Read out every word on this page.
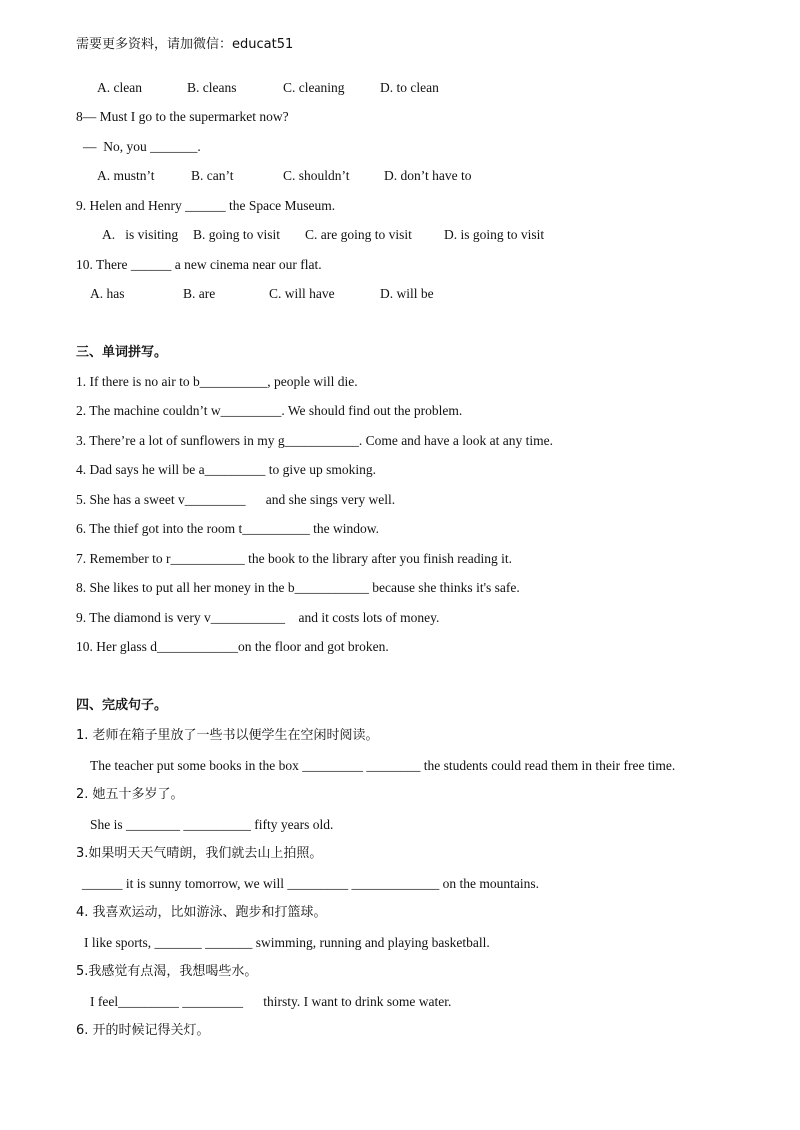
需要更多资料，请加微信：educat51
A. clean	B. cleans	C. cleaning	D. to clean
8— Must I go to the supermarket now?
—  No, you _______.
A. mustn’t	B. can’t	C. shouldn’t	D. don’t have to
9. Helen and Henry ______ the Space Museum.
A.   is visiting B. going to visit C. are going to visit D. is going to visit
10. There ______ a new cinema near our flat.
A. has	B. are	C. will have	D. will be
三、单词拼写。
1. If there is no air to b__________, people will die.
2. The machine couldn’t w_________. We should find out the problem.
3. There’re a lot of sunflowers in my g___________. Come and have a look at any time.
4. Dad says he will be a_________ to give up smoking.
5. She has a sweet v_________      and she sings very well.
6. The thief got into the room t__________ the window.
7. Remember to r___________ the book to the library after you finish reading it.
8. She likes to put all her money in the b___________ because she thinks it's safe.
9. The diamond is very v___________    and it costs lots of money.
10. Her glass d____________on the floor and got broken.
四、完成句子。
1. 老师在箱子里放了一些书以便学生在空闲时阅读。
The teacher put some books in the box _________ ________ the students could read them in their free time.
2. 她五十多岁了。
She is ________ __________ fifty years old.
3.如果明天天气晴朗，我们就去山上拍照。
______ it is sunny tomorrow, we will _________ _____________ on the mountains.
4. 我喜欢运动，比如游泳、跑步和打篮球。
I like sports, _______ _______ swimming, running and playing basketball.
5.我感觉有点渴，我想喝些水。
I feel_________ _________      thirsty. I want to drink some water.
6. 开的时候记得关灯。
